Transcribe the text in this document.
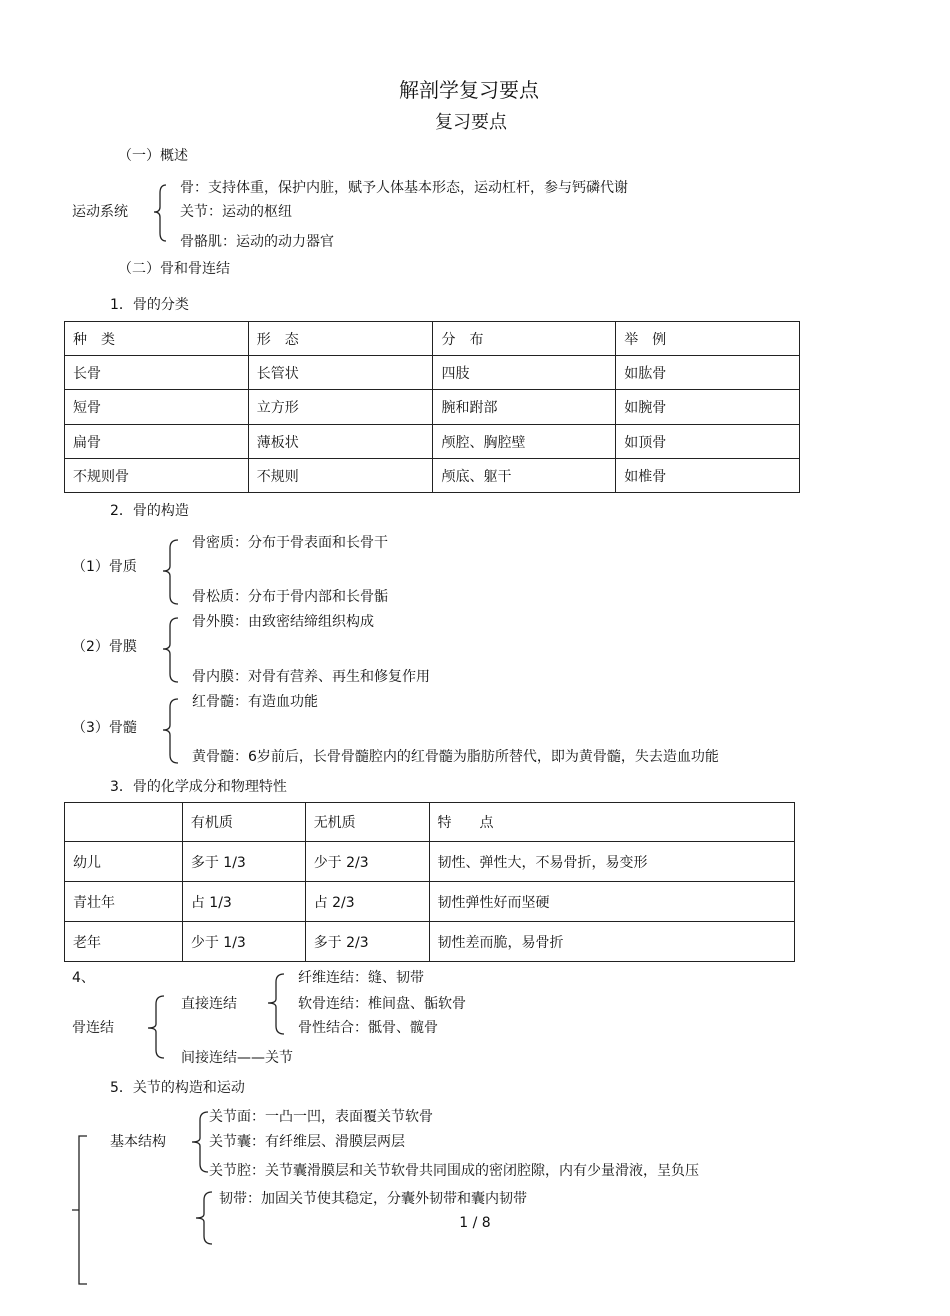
解剖学复习要点
复习要点
（一）概述
运动系统
骨：支持体重，保护内脏，赋予人体基本形态，运动杠杆，参与钙磷代谢
关节：运动的枢纽
骨骼肌：运动的动力器官
（二）骨和骨连结
1．骨的分类
种　类	形　态	分　布	举　例
长骨	长管状	四肢	如肱骨
短骨	立方形	腕和跗部	如腕骨
扁骨	薄板状	颅腔、胸腔壁	如顶骨
不规则骨	不规则	颅底、躯干	如椎骨
2．骨的构造
（1）骨质
骨密质：分布于骨表面和长骨干
骨松质：分布于骨内部和长骨骺
（2）骨膜
骨外膜：由致密结缔组织构成
骨内膜：对骨有营养、再生和修复作用
（3）骨髓
红骨髓：有造血功能
黄骨髓：6岁前后，长骨骨髓腔内的红骨髓为脂肪所替代，即为黄骨髓，失去造血功能
3．骨的化学成分和物理特性
	有机质	无机质	特　　点
幼儿	多于 1/3	少于 2/3	韧性、弹性大，不易骨折，易变形
青壮年	占 1/3	占 2/3	韧性弹性好而坚硬
老年	少于 1/3	多于 2/3	韧性差而脆，易骨折
4、
骨连结
直接连结
纤维连结：缝、韧带
软骨连结：椎间盘、骺软骨
骨性结合：骶骨、髋骨
间接连结——关节
5．关节的构造和运动
基本结构
关节面：一凸一凹，表面覆关节软骨
关节囊：有纤维层、滑膜层两层
关节腔：关节囊滑膜层和关节软骨共同围成的密闭腔隙，内有少量滑液，呈负压
韧带：加固关节使其稳定，分囊外韧带和囊内韧带
1 / 8
